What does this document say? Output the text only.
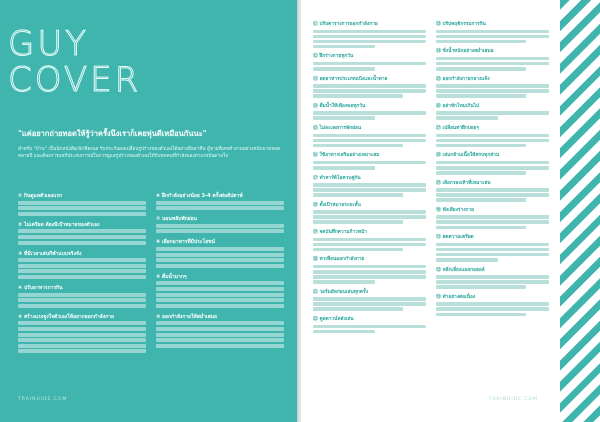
GUY
COVER
"แค่อยากถ่ายทอดให้รู้ว่าครั้งนึงเราก็เคยหุ่นดีเหมือนกันนะ"
สำหรับ "บ้าน" เป็นนักหนังสือ/นักฟิตเนส รับประกันผลเปลี่ยนรูปร่างของตัวเองได้อย่างมืออาชีพ ผู้ชายที่เคยทำงานอย่างหนักมาตลอดหลายปี และต้องการแชร์ประสบการณ์ในการดูแลรูปร่างของตัวเองให้กับทุกคนที่กำลังมองหาแรงบันดาลใจ
① กินดูแลตัวเองแรก
② ไม่เครียด ต้องมีเป้าหมายของตัวเอง
③ ที่มีเวลาเล่นกีฬาแบบจริงจัง
④ ปรับอาหารการกิน
⑤ สร้างแรงจูงใจตัวเองให้อยากออกกำลังกาย
⑥ ฝึกกำลังอย่างน้อย 3-4 ครั้งต่อสัปดาห์
⑦ นอนหลับพักผ่อน
⑧ เลือกอาหารที่มีประโยชน์
⑨ ดื่มน้ำมากๆ
⑩ ออกกำลังกายให้สม่ำเสมอ
TRAINUIDE.COM
⑪ ปรับตารางการออกกำลังกาย
⑫ ฝึกร่างกายทุกวัน
⑬ ลดอาหารประเภทแป้งและน้ำตาล
⑭ ดื่มน้ำให้เพียงพอทุกวัน
⑮ ไม่ละเลยการพักผ่อน
⑯ ใช้อาหารเสริมอย่างเหมาะสม
⑰ ทำคาร์ดิโอควบคู่กัน
⑱ ตั้งเป้าหมายระยะสั้น
⑲ จดบันทึกความก้าวหน้า
⑳ หาเพื่อนออกกำลังกาย
㉑ วอร์มอัพก่อนเล่นทุกครั้ง
㉒ คูลดาวน์หลังเล่น
㉓ ปรับพฤติกรรมการกิน
㉔ ชั่งน้ำหนักอย่างสม่ำเสมอ
㉕ ออกกำลังกายกลางแจ้ง
㉖ อย่าหักโหมเกินไป
㉗ เปลี่ยนท่าฝึกบ่อยๆ
㉘ เล่นกล้ามเนื้อให้ครบทุกส่วน
㉙ เลือกรองเท้าที่เหมาะสม
㉚ ฟังเสียงร่างกาย
㉛ ลดความเครียด
㉜ หลีกเลี่ยงแอลกอฮอล์
㉝ ทำอย่างต่อเนื่อง
TRAINUIDE.COM
